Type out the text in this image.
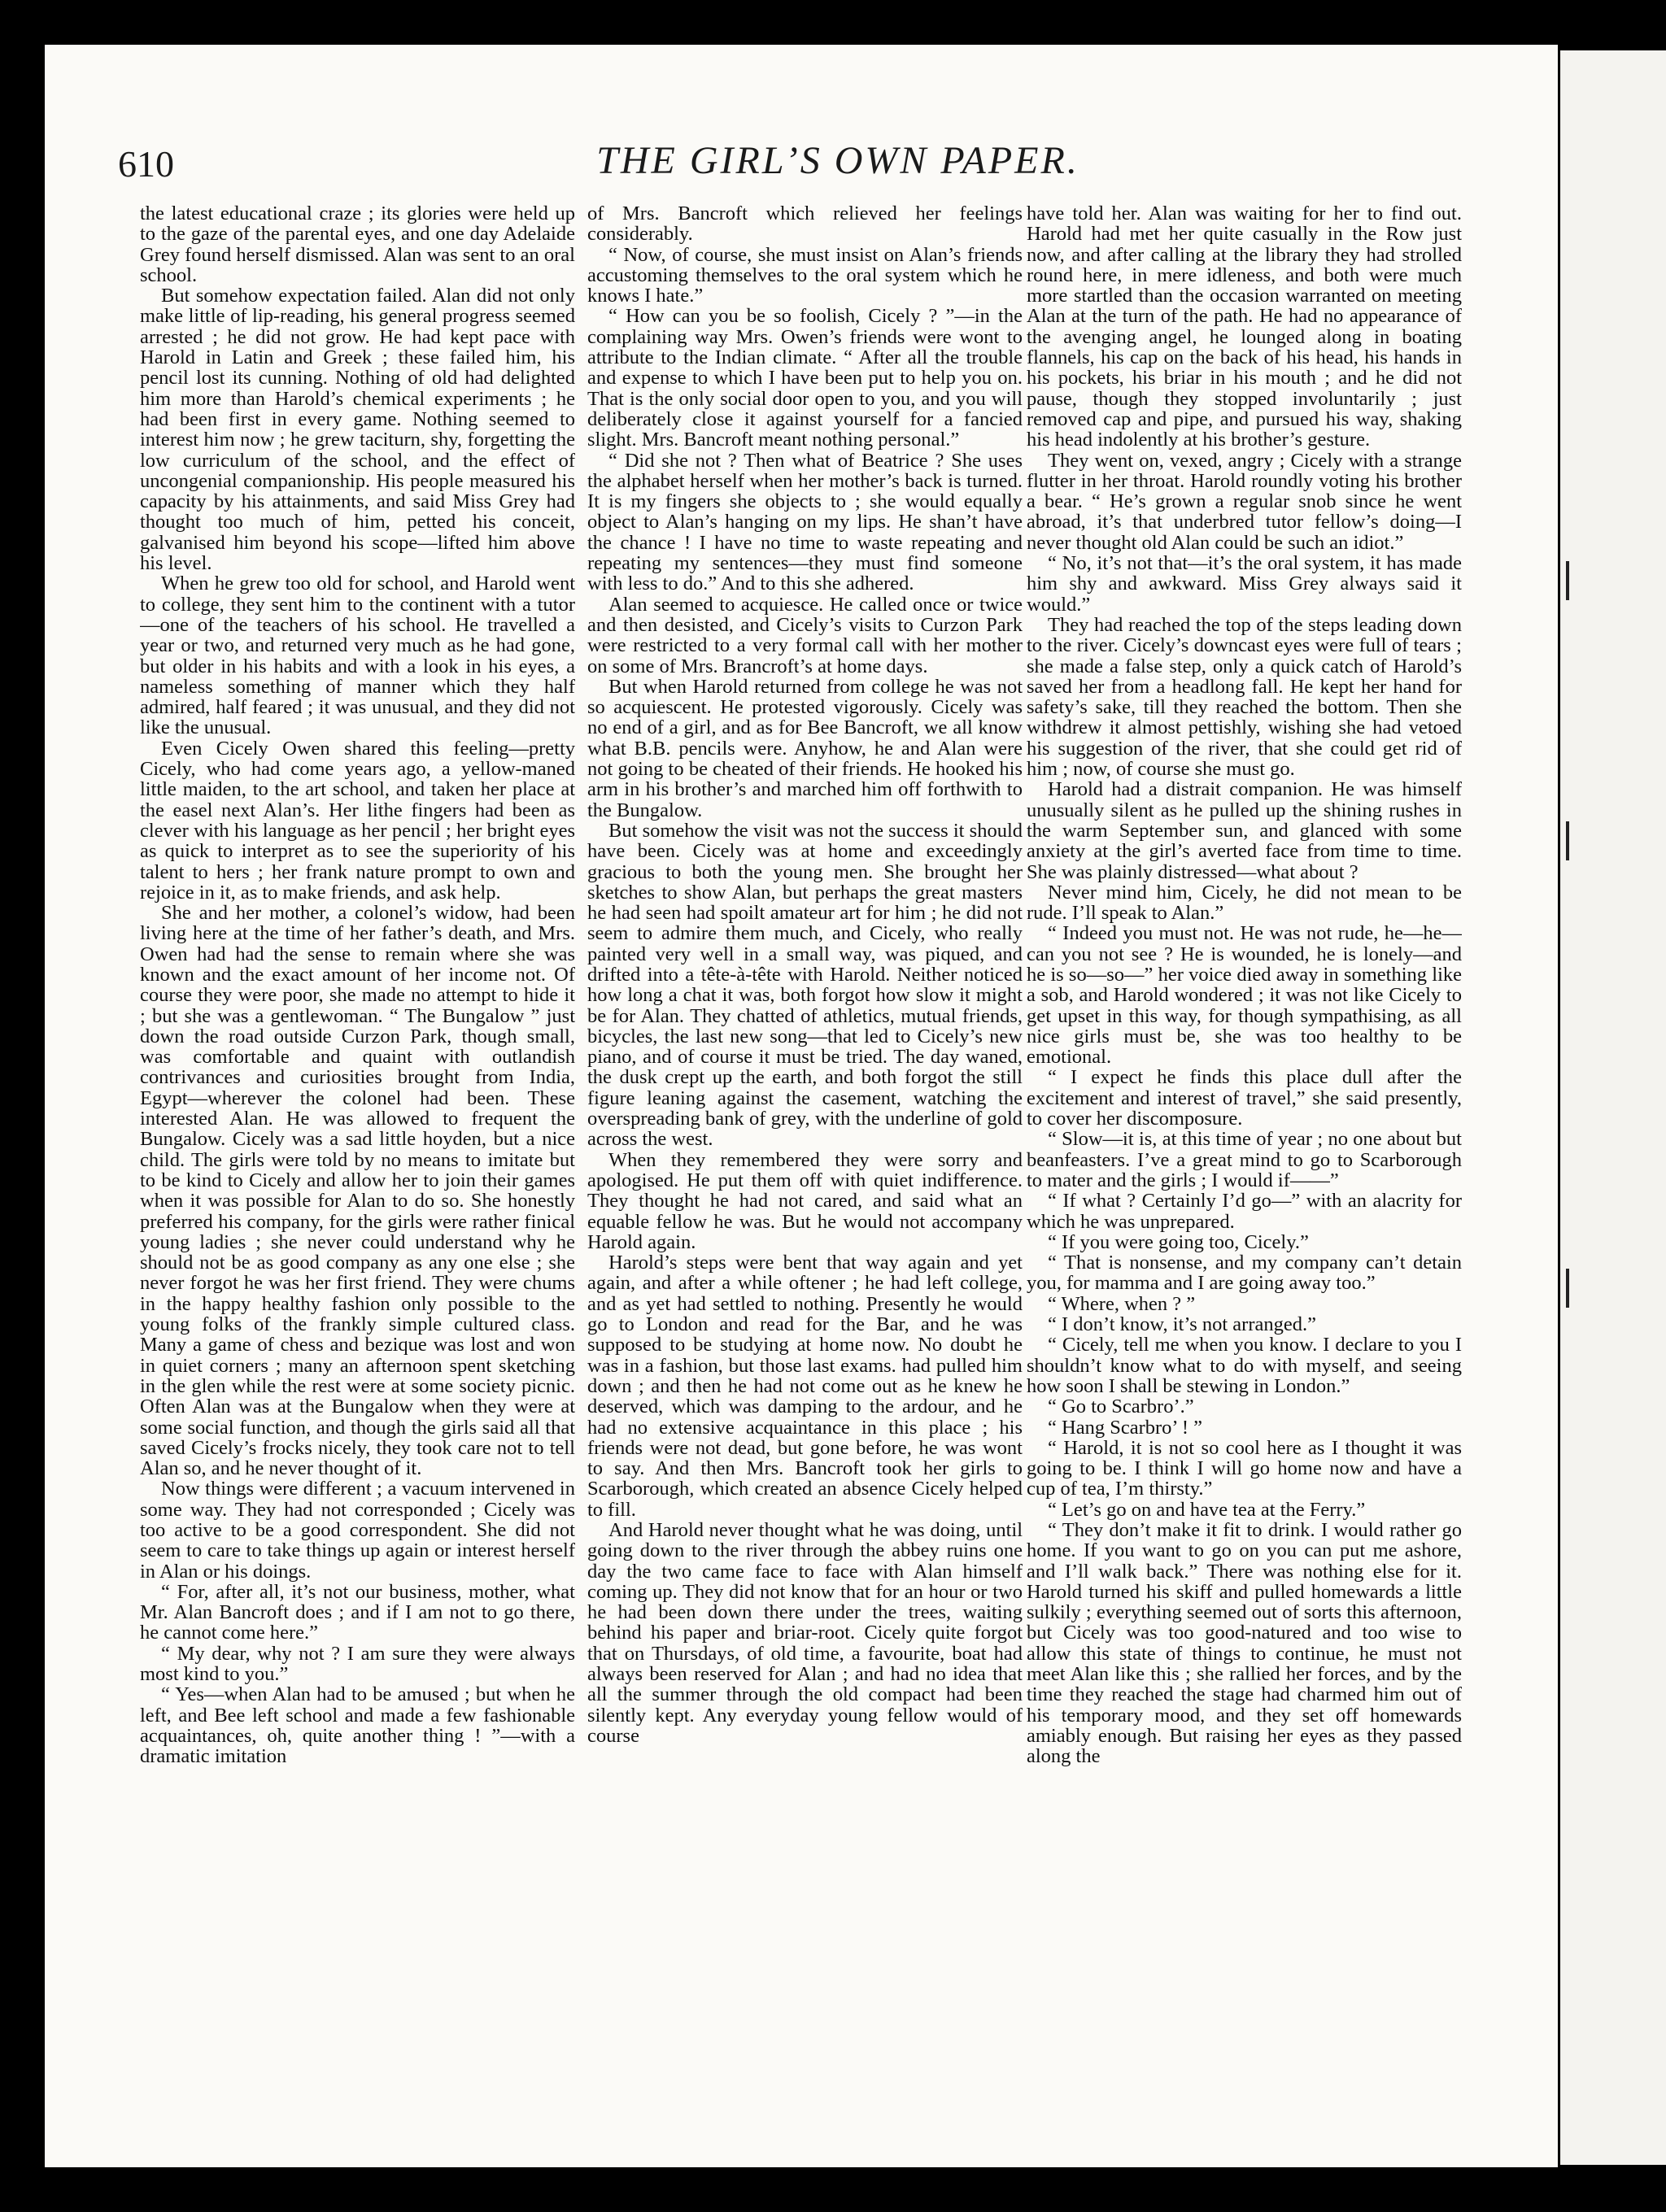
610	THE GIRL’S OWN PAPER.

the latest educational craze ; its glories were held up to the gaze of the parental eyes, and one day Adelaide Grey found herself dismissed. Alan was sent to an oral school.

But somehow expectation failed. Alan did not only make little of lip-reading, his general progress seemed arrested ; he did not grow. He had kept pace with Harold in Latin and Greek ; these failed him, his pencil lost its cunning. Nothing of old had delighted him more than Harold’s chemical experiments ; he had been first in every game. Nothing seemed to interest him now ; he grew taciturn, shy, forgetting the low curriculum of the school, and the effect of uncongenial companionship. His people measured his capacity by his attainments, and said Miss Grey had thought too much of him, petted his conceit, galvanised him beyond his scope—lifted him above his level.

When he grew too old for school, and Harold went to college, they sent him to the continent with a tutor—one of the teachers of his school. He travelled a year or two, and returned very much as he had gone, but older in his habits and with a look in his eyes, a nameless something of manner which they half admired, half feared ; it was unusual, and they did not like the unusual.

Even Cicely Owen shared this feeling—pretty Cicely, who had come years ago, a yellow-maned little maiden, to the art school, and taken her place at the easel next Alan’s. Her lithe fingers had been as clever with his language as her pencil ; her bright eyes as quick to interpret as to see the superiority of his talent to hers ; her frank nature prompt to own and rejoice in it, as to make friends, and ask help.

She and her mother, a colonel’s widow, had been living here at the time of her father’s death, and Mrs. Owen had had the sense to remain where she was known and the exact amount of her income not. Of course they were poor, she made no attempt to hide it ; but she was a gentlewoman. “ The Bungalow ” just down the road outside Curzon Park, though small, was comfortable and quaint with outlandish contrivances and curiosities brought from India, Egypt—wherever the colonel had been. These interested Alan. He was allowed to frequent the Bungalow. Cicely was a sad little hoyden, but a nice child. The girls were told by no means to imitate but to be kind to Cicely and allow her to join their games when it was possible for Alan to do so. She honestly preferred his company, for the girls were rather finical young ladies ; she never could understand why he should not be as good company as any one else ; she never forgot he was her first friend. They were chums in the happy healthy fashion only possible to the young folks of the frankly simple cultured class. Many a game of chess and bezique was lost and won in quiet corners ; many an afternoon spent sketching in the glen while the rest were at some society picnic. Often Alan was at the Bungalow when they were at some social function, and though the girls said all that saved Cicely’s frocks nicely, they took care not to tell Alan so, and he never thought of it.

Now things were different ; a vacuum intervened in some way. They had not corresponded ; Cicely was too active to be a good correspondent. She did not seem to care to take things up again or interest herself in Alan or his doings.

“ For, after all, it’s not our business, mother, what Mr. Alan Bancroft does ; and if I am not to go there, he cannot come here.”

“ My dear, why not ? I am sure they were always most kind to you.”

“ Yes—when Alan had to be amused ; but when he left, and Bee left school and made a few fashionable acquaintances, oh, quite another thing ! ”—with a dramatic imitation

of Mrs. Bancroft which relieved her feelings considerably.

“ Now, of course, she must insist on Alan’s friends accustoming themselves to the oral system which he knows I hate.”

“ How can you be so foolish, Cicely ? ”—in the complaining way Mrs. Owen’s friends were wont to attribute to the Indian climate. “ After all the trouble and expense to which I have been put to help you on. That is the only social door open to you, and you will deliberately close it against yourself for a fancied slight. Mrs. Bancroft meant nothing personal.”

“ Did she not ? Then what of Beatrice ? She uses the alphabet herself when her mother’s back is turned. It is my fingers she objects to ; she would equally object to Alan’s hanging on my lips. He shan’t have the chance ! I have no time to waste repeating and repeating my sentences—they must find someone with less to do.” And to this she adhered.

Alan seemed to acquiesce. He called once or twice and then desisted, and Cicely’s visits to Curzon Park were restricted to a very formal call with her mother on some of Mrs. Brancroft’s at home days.

But when Harold returned from college he was not so acquiescent. He protested vigorously. Cicely was no end of a girl, and as for Bee Bancroft, we all know what B.B. pencils were. Anyhow, he and Alan were not going to be cheated of their friends. He hooked his arm in his brother’s and marched him off forthwith to the Bungalow.

But somehow the visit was not the success it should have been. Cicely was at home and exceedingly gracious to both the young men. She brought her sketches to show Alan, but perhaps the great masters he had seen had spoilt amateur art for him ; he did not seem to admire them much, and Cicely, who really painted very well in a small way, was piqued, and drifted into a tête-à-tête with Harold. Neither noticed how long a chat it was, both forgot how slow it might be for Alan. They chatted of athletics, mutual friends, bicycles, the last new song—that led to Cicely’s new piano, and of course it must be tried. The day waned, the dusk crept up the earth, and both forgot the still figure leaning against the casement, watching the overspreading bank of grey, with the underline of gold across the west.

When they remembered they were sorry and apologised. He put them off with quiet indifference. They thought he had not cared, and said what an equable fellow he was. But he would not accompany Harold again.

Harold’s steps were bent that way again and yet again, and after a while oftener ; he had left college, and as yet had settled to nothing. Presently he would go to London and read for the Bar, and he was supposed to be studying at home now. No doubt he was in a fashion, but those last exams. had pulled him down ; and then he had not come out as he knew he deserved, which was damping to the ardour, and he had no extensive acquaintance in this place ; his friends were not dead, but gone before, he was wont to say. And then Mrs. Bancroft took her girls to Scarborough, which created an absence Cicely helped to fill.

And Harold never thought what he was doing, until going down to the river through the abbey ruins one day the two came face to face with Alan himself coming up. They did not know that for an hour or two he had been down there under the trees, waiting behind his paper and briar-root. Cicely quite forgot that on Thursdays, of old time, a favourite, boat had always been reserved for Alan ; and had no idea that all the summer through the old compact had been silently kept. Any everyday young fellow would of course

have told her. Alan was waiting for her to find out. Harold had met her quite casually in the Row just now, and after calling at the library they had strolled round here, in mere idleness, and both were much more startled than the occasion warranted on meeting Alan at the turn of the path. He had no appearance of the avenging angel, he lounged along in boating flannels, his cap on the back of his head, his hands in his pockets, his briar in his mouth ; and he did not pause, though they stopped involuntarily ; just removed cap and pipe, and pursued his way, shaking his head indolently at his brother’s gesture.

They went on, vexed, angry ; Cicely with a strange flutter in her throat. Harold roundly voting his brother a bear. “ He’s grown a regular snob since he went abroad, it’s that underbred tutor fellow’s doing—I never thought old Alan could be such an idiot.”

“ No, it’s not that—it’s the oral system, it has made him shy and awkward. Miss Grey always said it would.”

They had reached the top of the steps leading down to the river. Cicely’s downcast eyes were full of tears ; she made a false step, only a quick catch of Harold’s saved her from a headlong fall. He kept her hand for safety’s sake, till they reached the bottom. Then she withdrew it almost pettishly, wishing she had vetoed his suggestion of the river, that she could get rid of him ; now, of course she must go.

Harold had a distrait companion. He was himself unusually silent as he pulled up the shining rushes in the warm September sun, and glanced with some anxiety at the girl’s averted face from time to time. She was plainly distressed—what about ?

Never mind him, Cicely, he did not mean to be rude. I’ll speak to Alan.”

“ Indeed you must not. He was not rude, he—he—can you not see ? He is wounded, he is lonely—and he is so—so—” her voice died away in something like a sob, and Harold wondered ; it was not like Cicely to get upset in this way, for though sympathising, as all nice girls must be, she was too healthy to be emotional.

“ I expect he finds this place dull after the excitement and interest of travel,” she said presently, to cover her discomposure.

“ Slow—it is, at this time of year ; no one about but beanfeasters. I’ve a great mind to go to Scarborough to mater and the girls ; I would if——”

“ If what ? Certainly I’d go—” with an alacrity for which he was unprepared.

“ If you were going too, Cicely.”

“ That is nonsense, and my company can’t detain you, for mamma and I are going away too.”

“ Where, when ? ”

“ I don’t know, it’s not arranged.”

“ Cicely, tell me when you know. I declare to you I shouldn’t know what to do with myself, and seeing how soon I shall be stewing in London.”

“ Go to Scarbro’.”

“ Hang Scarbro’ ! ”

“ Harold, it is not so cool here as I thought it was going to be. I think I will go home now and have a cup of tea, I’m thirsty.”

“ Let’s go on and have tea at the Ferry.”

“ They don’t make it fit to drink. I would rather go home. If you want to go on you can put me ashore, and I’ll walk back.” There was nothing else for it. Harold turned his skiff and pulled homewards a little sulkily ; everything seemed out of sorts this afternoon, but Cicely was too good-natured and too wise to allow this state of things to continue, he must not meet Alan like this ; she rallied her forces, and by the time they reached the stage had charmed him out of his temporary mood, and they set off homewards amiably enough. But raising her eyes as they passed along the
